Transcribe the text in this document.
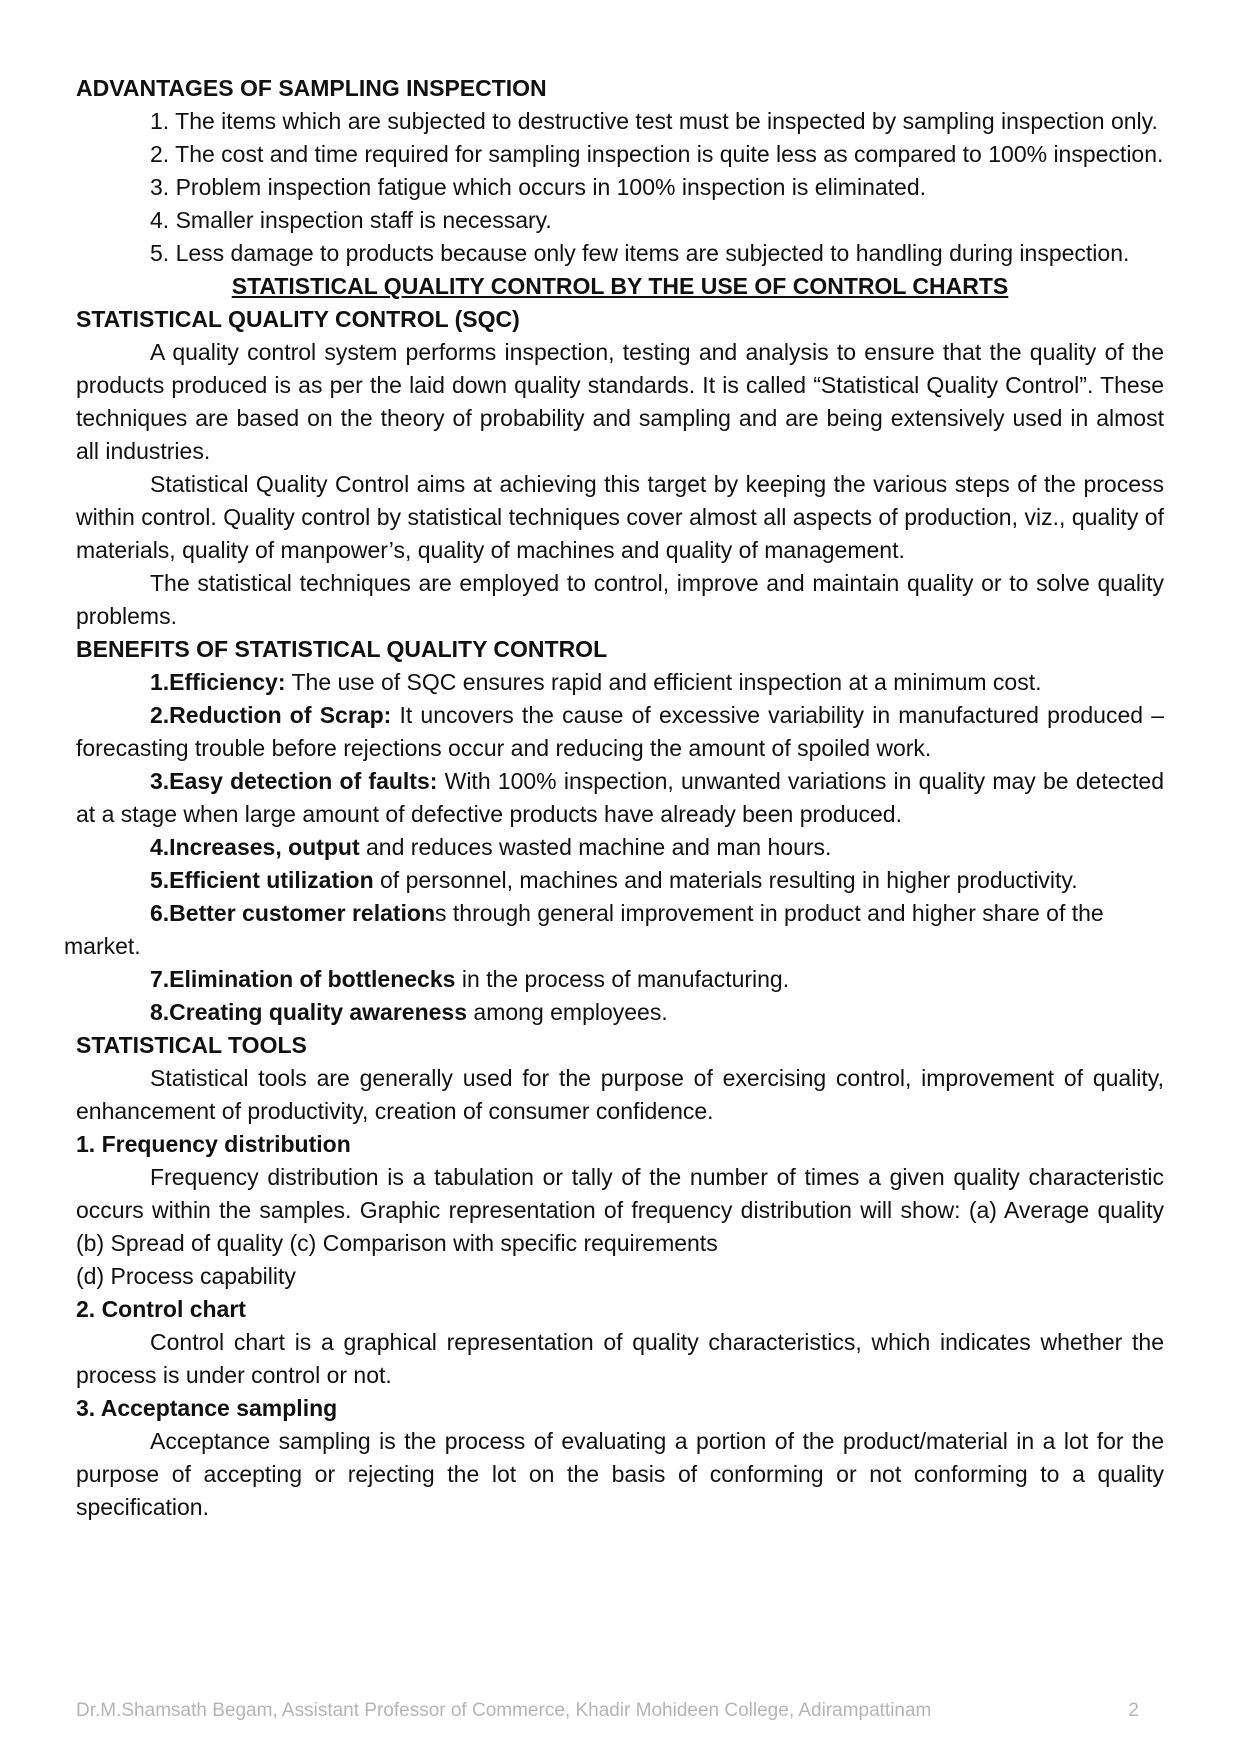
ADVANTAGES OF SAMPLING INSPECTION

1. The items which are subjected to destructive test must be inspected by sampling inspection only.

2. The cost and time required for sampling inspection is quite less as compared to 100% inspection.

3. Problem inspection fatigue which occurs in 100% inspection is eliminated.

4. Smaller inspection staff is necessary.

5. Less damage to products because only few items are subjected to handling during inspection.

STATISTICAL QUALITY CONTROL BY THE USE OF CONTROL CHARTS

STATISTICAL QUALITY CONTROL (SQC)

A quality control system performs inspection, testing and analysis to ensure that the quality of the products produced is as per the laid down quality standards. It is called “Statistical Quality Control”. These techniques are based on the theory of probability and sampling and are being extensively used in almost all industries.

Statistical Quality Control aims at achieving this target by keeping the various steps of the process within control. Quality control by statistical techniques cover almost all aspects of production, viz., quality of materials, quality of manpower’s, quality of machines and quality of management.

The statistical techniques are employed to control, improve and maintain quality or to solve quality problems.

BENEFITS OF STATISTICAL QUALITY CONTROL

1.Efficiency: The use of SQC ensures rapid and efficient inspection at a minimum cost.

2.Reduction of Scrap: It uncovers the cause of excessive variability in manufactured produced – forecasting trouble before rejections occur and reducing the amount of spoiled work.

3.Easy detection of faults: With 100% inspection, unwanted variations in quality may be detected at a stage when large amount of defective products have already been produced.

4.Increases, output and reduces wasted machine and man hours.

5.Efficient utilization of personnel, machines and materials resulting in higher productivity.

6.Better customer relations through general improvement in product and higher share of the market.

7.Elimination of bottlenecks in the process of manufacturing.

8.Creating quality awareness among employees.

STATISTICAL TOOLS

Statistical tools are generally used for the purpose of exercising control, improvement of quality, enhancement of productivity, creation of consumer confidence.

1. Frequency distribution

Frequency distribution is a tabulation or tally of the number of times a given quality characteristic occurs within the samples. Graphic representation of frequency distribution will show: (a) Average quality (b) Spread of quality (c) Comparison with specific requirements

(d) Process capability

2. Control chart

Control chart is a graphical representation of quality characteristics, which indicates whether the process is under control or not.

3. Acceptance sampling

Acceptance sampling is the process of evaluating a portion of the product/material in a lot for the purpose of accepting or rejecting the lot on the basis of conforming or not conforming to a quality specification.

Dr.M.Shamsath Begam, Assistant Professor of Commerce, Khadir Mohideen College, Adirampattinam	2
